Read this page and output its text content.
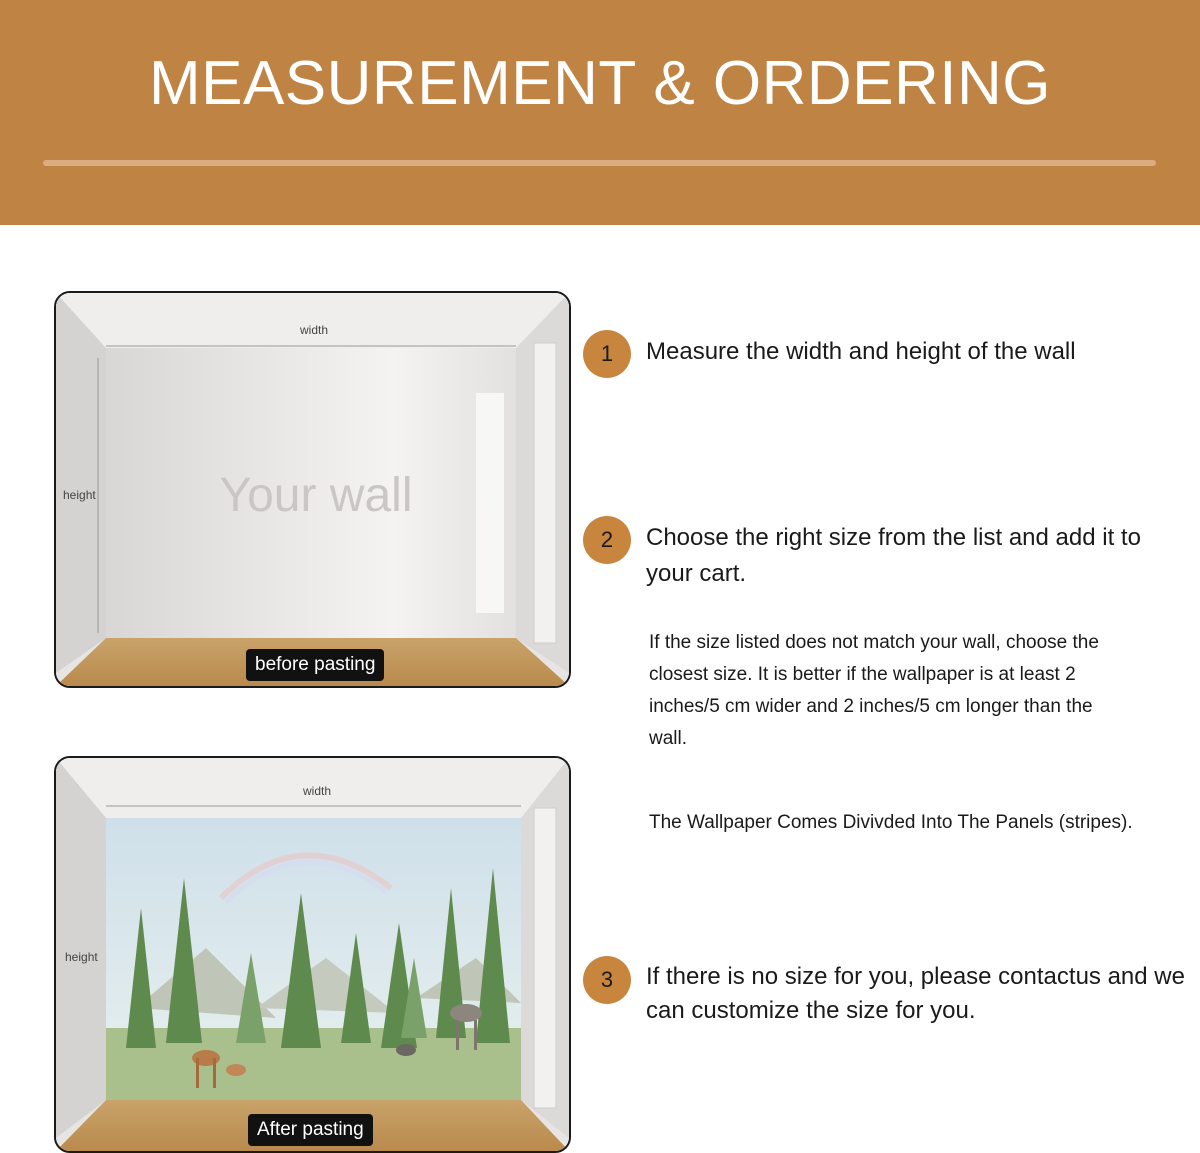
MEASUREMENT & ORDERING
width
height	Your wall
before pasting
width
height
After pasting
1	Measure the width and height of the wall
2	Choose the right size from the list and add it to your cart.
If the size listed does not match your wall, choose the closest size. It is better if the wallpaper is at least 2 inches/5 cm wider and 2 inches/5 cm longer than the wall.
The Wallpaper Comes Divivded Into The Panels (stripes).
3	If there is no size for you, please contactus and we can customize the size for you.
